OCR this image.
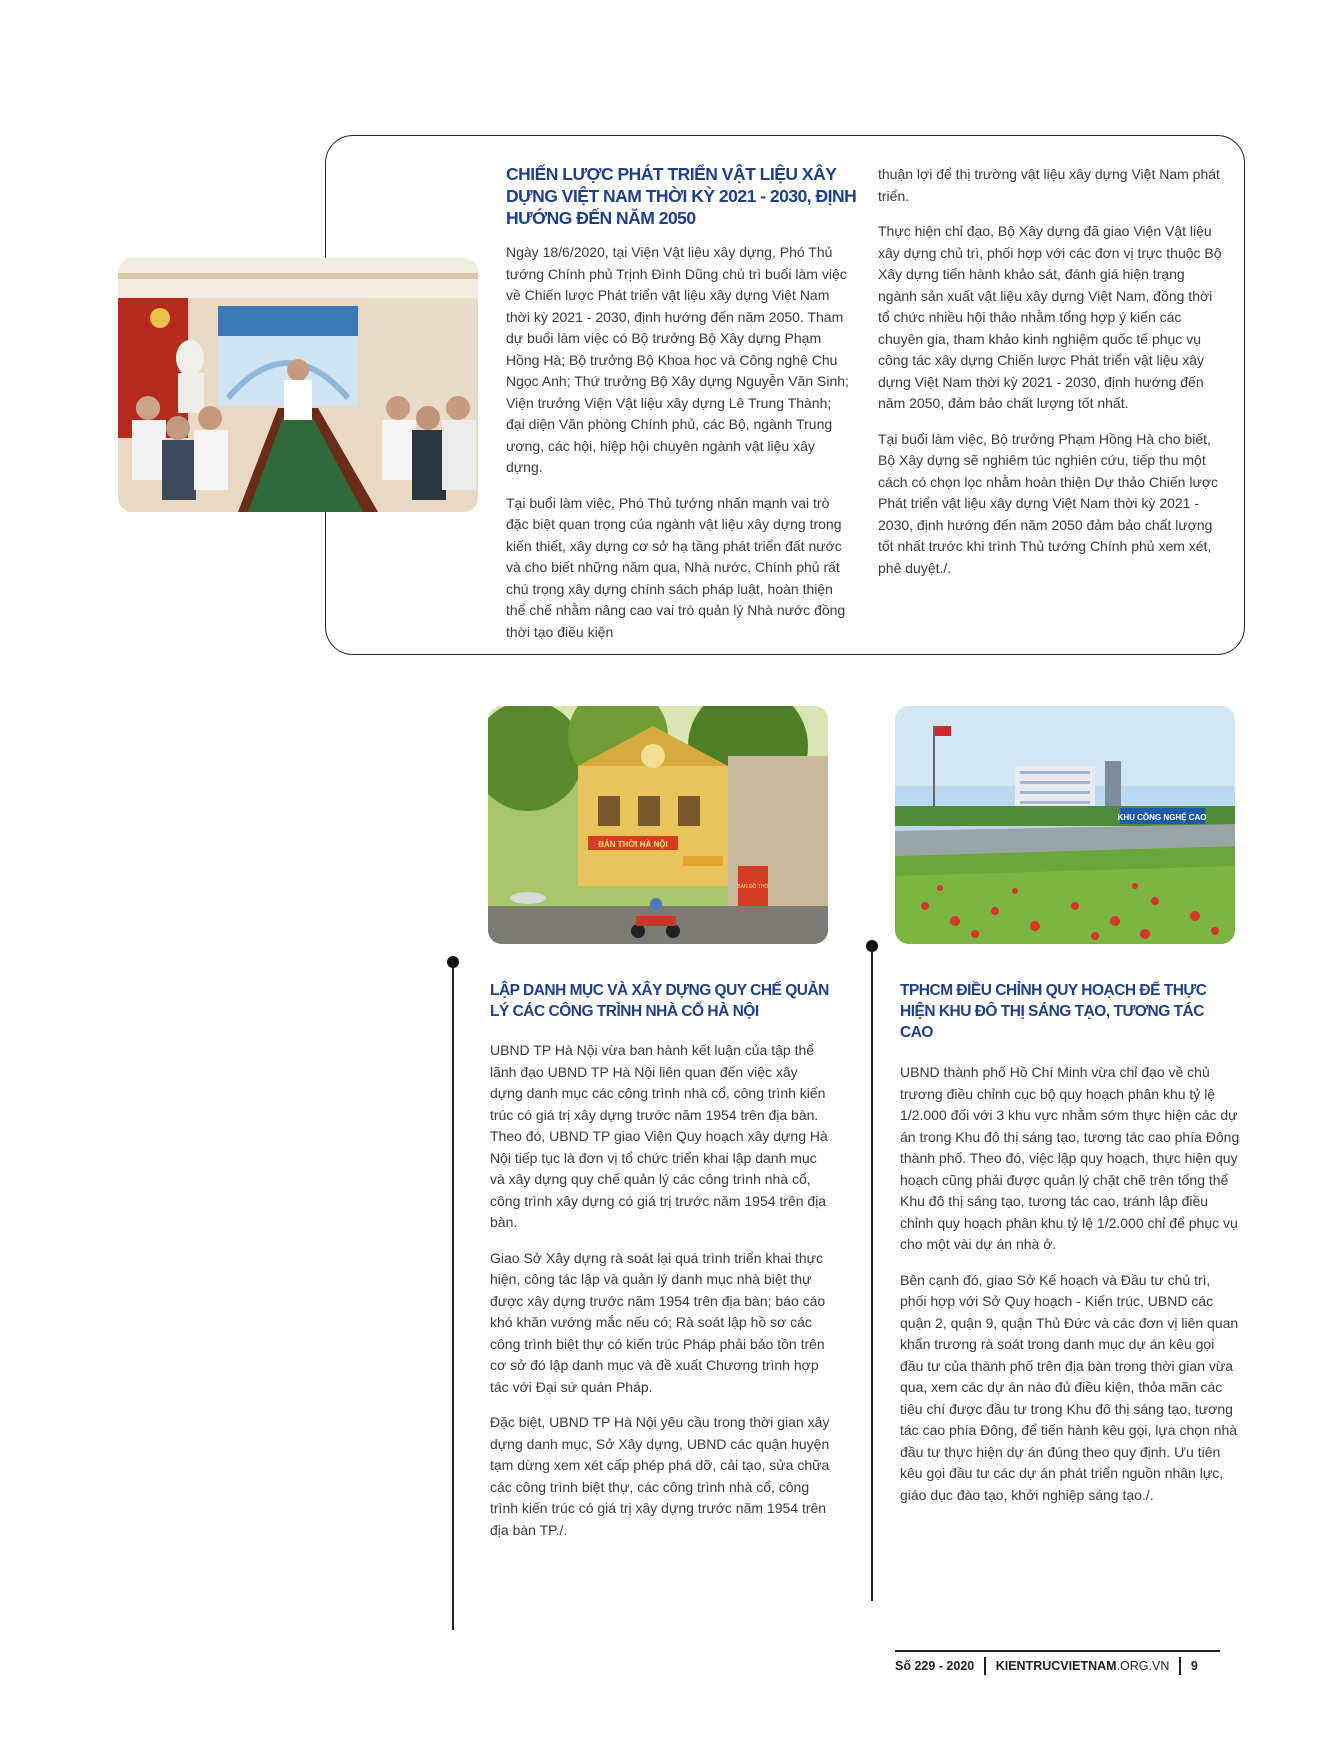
CHIẾN LƯỢC PHÁT TRIỂN VẬT LIỆU XÂY DỰNG VIỆT NAM THỜI KỲ 2021 - 2030, ĐỊNH HƯỚNG ĐẾN NĂM 2050

Ngày 18/6/2020, tại Viện Vật liệu xây dựng, Phó Thủ tướng Chính phủ Trịnh Đình Dũng chủ trì buổi làm việc về Chiến lược Phát triển vật liệu xây dựng Việt Nam thời kỳ 2021 - 2030, định hướng đến năm 2050. Tham dự buổi làm việc có Bộ trưởng Bộ Xây dựng Phạm Hồng Hà; Bộ trưởng Bộ Khoa học và Công nghệ Chu Ngọc Anh; Thứ trưởng Bộ Xây dựng Nguyễn Văn Sinh; Viện trưởng Viện Vật liệu xây dựng Lê Trung Thành; đại diện Văn phòng Chính phủ, các Bộ, ngành Trung ương, các hội, hiệp hội chuyên ngành vật liệu xây dựng.

Tại buổi làm việc, Phó Thủ tướng nhấn mạnh vai trò đặc biệt quan trọng của ngành vật liệu xây dựng trong kiến thiết, xây dựng cơ sở hạ tầng phát triển đất nước và cho biết những năm qua, Nhà nước, Chính phủ rất chú trọng xây dựng chính sách pháp luật, hoàn thiện thể chế nhằm nâng cao vai trò quản lý Nhà nước đồng thời tạo điều kiện

thuận lợi để thị trường vật liệu xây dựng Việt Nam phát triển.

Thực hiện chỉ đạo, Bộ Xây dựng đã giao Viện Vật liệu xây dựng chủ trì, phối hợp với các đơn vị trực thuộc Bộ Xây dựng tiến hành khảo sát, đánh giá hiện trạng ngành sản xuất vật liệu xây dựng Việt Nam, đồng thời tổ chức nhiều hội thảo nhằm tổng hợp ý kiến các chuyên gia, tham khảo kinh nghiệm quốc tế phục vụ công tác xây dựng Chiến lược Phát triển vật liệu xây dựng Việt Nam thời kỳ 2021 - 2030, định hướng đến năm 2050, đảm bảo chất lượng tốt nhất.

Tại buổi làm việc, Bộ trưởng Phạm Hồng Hà cho biết, Bộ Xây dựng sẽ nghiêm túc nghiên cứu, tiếp thu một cách có chọn lọc nhằm hoàn thiện Dự thảo Chiến lược Phát triển vật liệu xây dựng Việt Nam thời kỳ 2021 - 2030, định hướng đến năm 2050 đảm bảo chất lượng tốt nhất trước khi trình Thủ tướng Chính phủ xem xét, phê duyệt./.

BÁN THỜI HÀ NỘI
BÁN ĐỒ THỜ
KHU CÔNG NGHỆ CAO
LẬP DANH MỤC VÀ XÂY DỰNG QUY CHẾ QUẢN LÝ CÁC CÔNG TRÌNH NHÀ CỔ HÀ NỘI

UBND TP Hà Nội vừa ban hành kết luận của tập thể lãnh đạo UBND TP Hà Nội liên quan đến việc xây dựng danh mục các công trình nhà cổ, công trình kiến trúc có giá trị xây dựng trước năm 1954 trên địa bàn. Theo đó, UBND TP giao Viện Quy hoạch xây dựng Hà Nội tiếp tục là đơn vị tổ chức triển khai lập danh mục và xây dựng quy chế quản lý các công trình nhà cổ, công trình xây dựng có giá trị trước năm 1954 trên địa bàn.

Giao Sở Xây dựng rà soát lại quá trình triển khai thực hiện, công tác lập và quản lý danh mục nhà biệt thự được xây dựng trước năm 1954 trên địa bàn; báo cáo khó khăn vướng mắc nếu có; Rà soát lập hồ sơ các công trình biệt thự có kiến trúc Pháp phải bảo tồn trên cơ sở đó lập danh mục và đề xuất Chương trình hợp tác với Đại sứ quán Pháp.

Đặc biệt, UBND TP Hà Nội yêu cầu trong thời gian xây dựng danh mục, Sở Xây dựng, UBND các quận huyện tạm dừng xem xét cấp phép phá dỡ, cải tạo, sửa chữa các công trình biệt thự, các công trình nhà cổ, công trình kiến trúc có giá trị xây dựng trước năm 1954 trên địa bàn TP./.

TPHCM ĐIỀU CHỈNH QUY HOẠCH ĐỂ THỰC HIỆN KHU ĐÔ THỊ SÁNG TẠO, TƯƠNG TÁC CAO

UBND thành phố Hồ Chí Minh vừa chỉ đạo về chủ trương điều chỉnh cục bộ quy hoạch phân khu tỷ lệ 1/2.000 đối với 3 khu vực nhằm sớm thực hiện các dự án trong Khu đô thị sáng tạo, tương tác cao phía Đông thành phố. Theo đó, việc lập quy hoạch, thực hiện quy hoạch cũng phải được quản lý chặt chẽ trên tổng thể Khu đô thị sáng tạo, tương tác cao, tránh lập điều chỉnh quy hoạch phân khu tỷ lệ 1/2.000 chỉ để phục vụ cho một vài dự án nhà ở.

Bên cạnh đó, giao Sở Kế hoạch và Đầu tư chủ trì, phối hợp với Sở Quy hoạch - Kiến trúc, UBND các quận 2, quận 9, quận Thủ Đức và các đơn vị liên quan khẩn trương rà soát trong danh mục dự án kêu gọi đầu tư của thành phố trên địa bàn trong thời gian vừa qua, xem các dự án nào đủ điều kiện, thỏa mãn các tiêu chí được đầu tư trong Khu đô thị sáng tạo, tương tác cao phía Đông, để tiến hành kêu gọi, lựa chọn nhà đầu tư thực hiện dự án đúng theo quy định. Ưu tiên kêu gọi đầu tư các dự án phát triển nguồn nhân lực, giáo dục đào tạo, khởi nghiệp sáng tạo./.

Số 229 - 2020 KIENTRUCVIETNAM .ORG.VN 9
